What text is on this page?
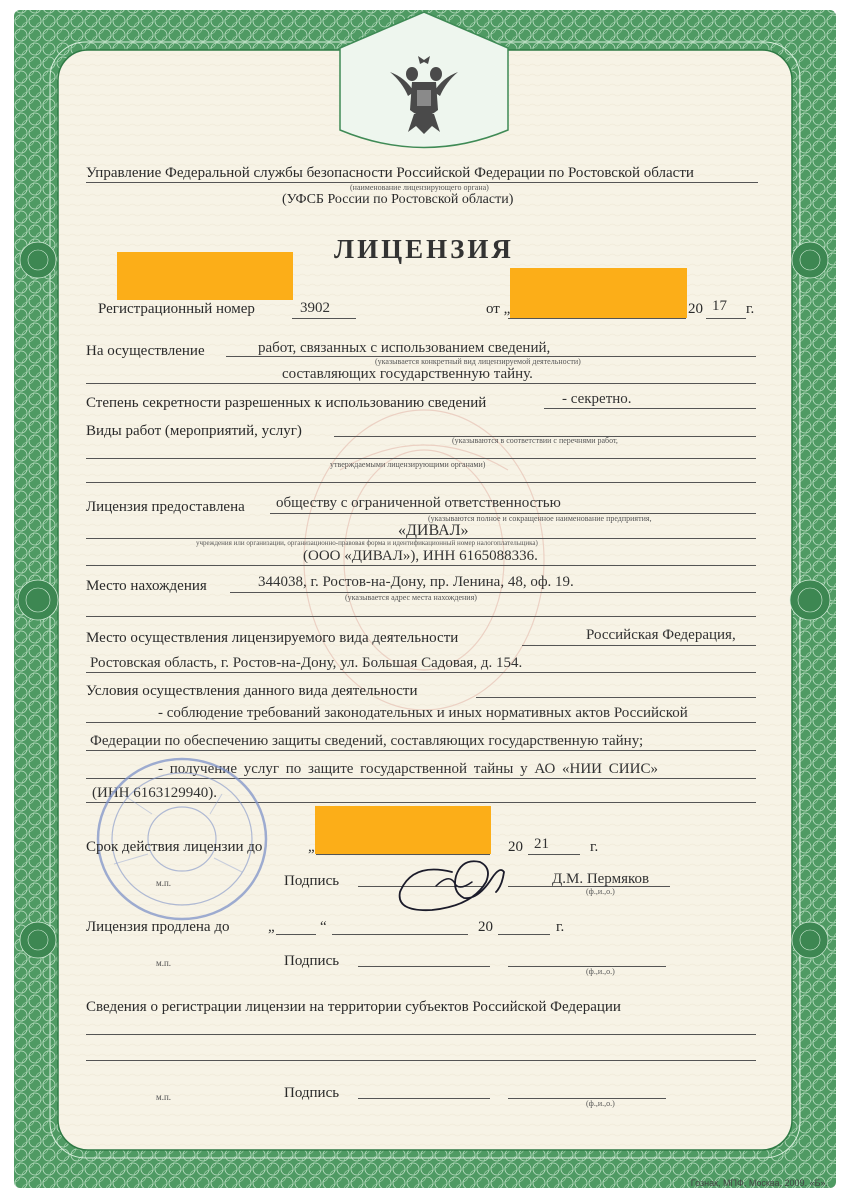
Управление Федеральной службы безопасности Российской Федерации по Ростовской области
(наименование лицензирующего органа)
(УФСБ России по Ростовской области)
ЛИЦЕНЗИЯ
Регистрационный номер	3902	от „	20 17 г.
На осуществление	работ, связанных с использованием сведений,
(указывается конкретный вид лицензируемой деятельности)
составляющих государственную тайну.
Степень секретности разрешенных к использованию сведений	- секретно.
Виды работ (мероприятий, услуг)
(указываются в соответствии с перечнями работ,
утверждаемыми лицензирующими органами)
Лицензия предоставлена обществу с ограниченной ответственностью
(указываются полное и сокращенное наименование предприятия,
«ДИВАЛ»
учреждения или организации, организационно-правовая форма и идентификационный номер налогоплательщика)
(ООО «ДИВАЛ»), ИНН 6165088336.
Место нахождения	344038, г. Ростов-на-Дону, пр. Ленина, 48, оф. 19.
(указывается адрес места нахождения)
Место осуществления лицензируемого вида деятельности	Российская Федерация,
Ростовская область, г. Ростов-на-Дону, ул. Большая Садовая, д. 154.
Условия осуществления данного вида деятельности
- соблюдение требований законодательных и иных нормативных актов Российской
Федерации по обеспечению защиты сведений, составляющих государственную тайну;
- получение услуг по защите государственной тайны у АО «НИИ СИИС»
(ИНН 6163129940).
Срок действия лицензии до	„	20 21	г.
м.п.	Подпись	Д.М. Пермяков
(ф.,и.,о.)
Лицензия продлена до	„	“	20	г.
м.п.	Подпись
(ф.,и.,о.)
Сведения о регистрации лицензии на территории субъектов Российской Федерации
м.п.	Подпись
(ф.,и.,о.)
Гознак, МПФ, Москва, 2009. «Б».
